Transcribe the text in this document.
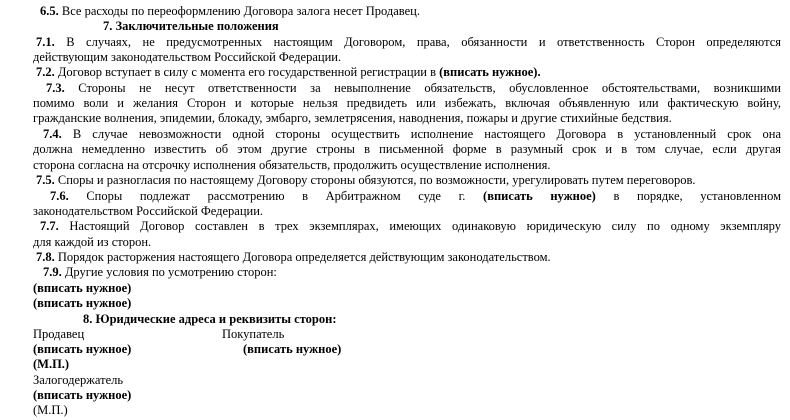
6.5. Все расходы по переоформлению Договора залога несет Продавец.
7. Заключительные положения
7.1. В случаях, не предусмотренных настоящим Договором, права, обязанности и ответственность Сторон определяются
действующим законодательством Российской Федерации.
7.2. Договор вступает в силу с момента его государственной регистрации в (вписать нужное).
7.3. Стороны не несут ответственности за невыполнение обязательств, обусловленное обстоятельствами, возникшими
помимо воли и желания Сторон и которые нельзя предвидеть или избежать, включая объявленную или фактическую войну,
гражданские волнения, эпидемии, блокаду, эмбарго, землетрясения, наводнения, пожары и другие стихийные бедствия.
7.4. В случае невозможности одной стороны осуществить исполнение настоящего Договора в установленный срок она
должна немедленно известить об этом другие строны в письменной форме в разумный срок и в том случае, если другая
сторона согласна на отсрочку исполнения обязательств, продолжить осуществление исполнения.
7.5. Споры и разногласия по настоящему Договору стороны обязуются, по возможности, урегулировать путем переговоров.
7.6. Споры подлежат рассмотрению в Арбитражном суде г. (вписать нужное) в порядке, установленном
законодательством Российской Федерации.
7.7. Настоящий Договор составлен в трех экземплярах, имеющих одинаковую юридическую силу по одному экземпляру
для каждой из сторон.
7.8. Порядок расторжения настоящего Договора определяется действующим законодательством.
7.9. Другие условия по усмотрению сторон:
(вписать нужное)
(вписать нужное)
8. Юридические адреса и реквизиты сторон:
Продавец	Покупатель
(вписать нужное)	(вписать нужное)
(М.П.)
Залогодержатель
(вписать нужное)
(М.П.)
